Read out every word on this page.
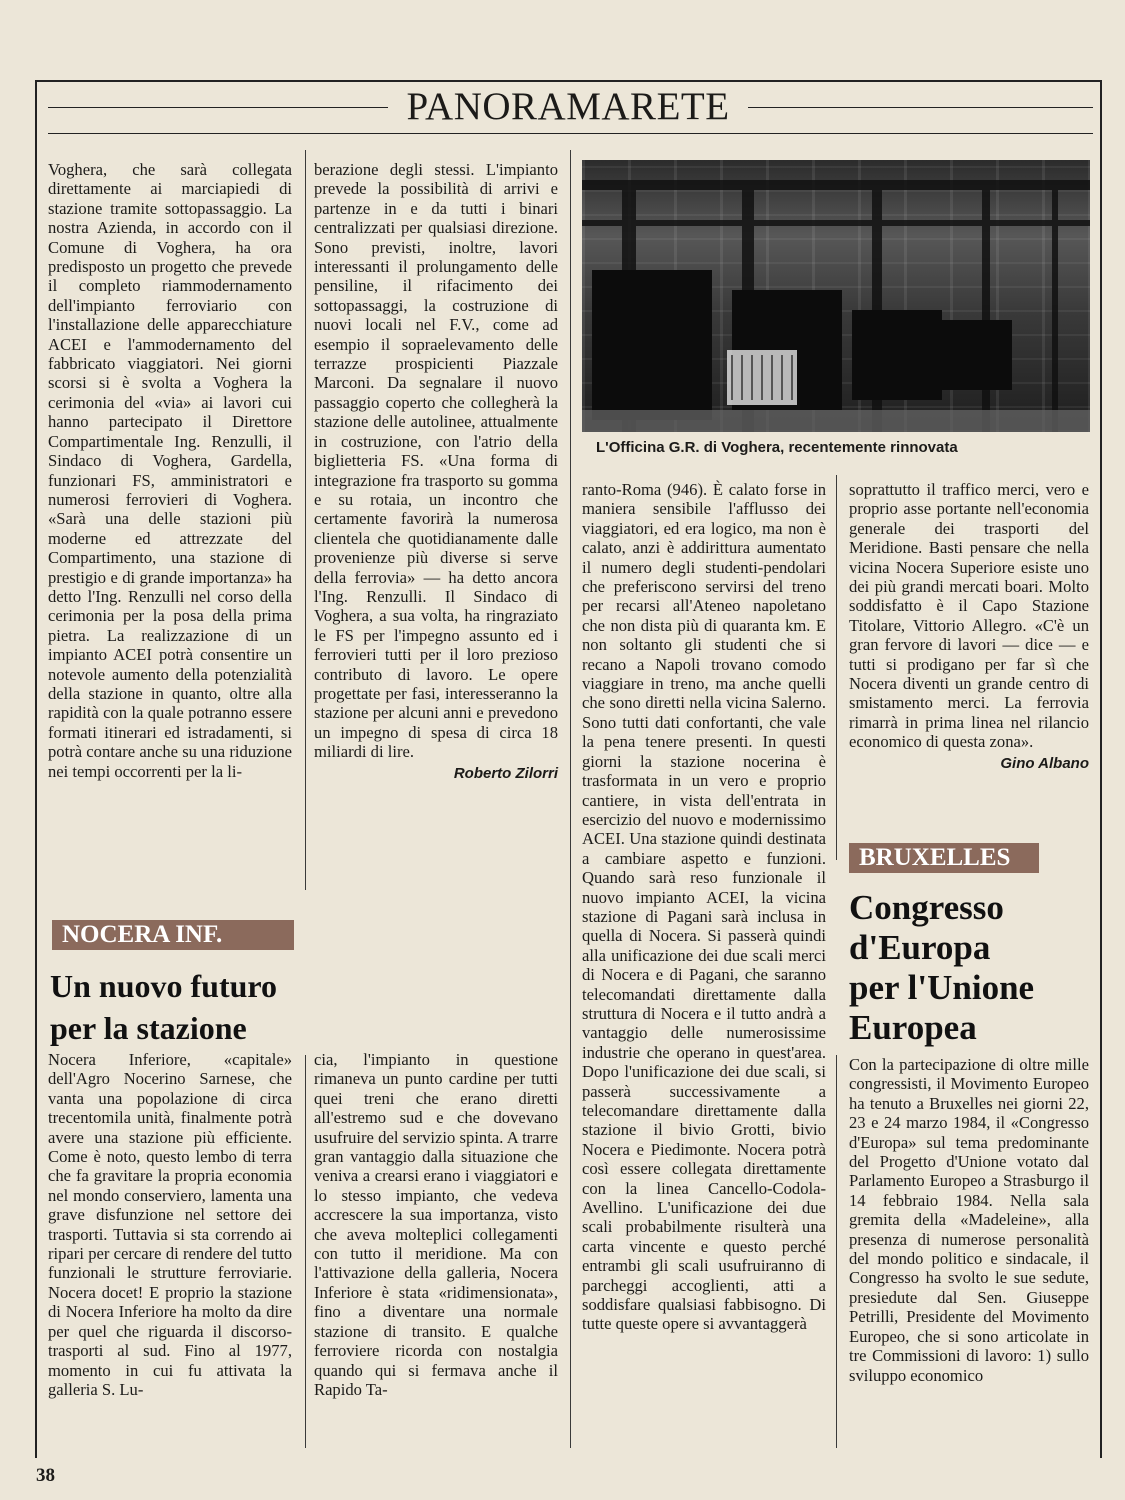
PANORAMARETE

Voghera, che sarà collegata direttamente ai marciapiedi di stazione tramite sottopassaggio. La nostra Azienda, in accordo con il Comune di Voghera, ha ora predisposto un progetto che prevede il completo riammodernamento dell'impianto ferroviario con l'installazione delle apparecchiature ACEI e l'ammodernamento del fabbricato viaggiatori. Nei giorni scorsi si è svolta a Voghera la cerimonia del «via» ai lavori cui hanno partecipato il Direttore Compartimentale Ing. Renzulli, il Sindaco di Voghera, Gardella, funzionari FS, amministratori e numerosi ferrovieri di Voghera. «Sarà una delle stazioni più moderne ed attrezzate del Compartimento, una stazione di prestigio e di grande importanza» ha detto l'Ing. Renzulli nel corso della cerimonia per la posa della prima pietra. La realizzazione di un impianto ACEI potrà consentire un notevole aumento della potenzialità della stazione in quanto, oltre alla rapidità con la quale potranno essere formati itinerari ed istradamenti, si potrà contare anche su una riduzione nei tempi occorrenti per la li-

berazione degli stessi. L'impianto prevede la possibilità di arrivi e partenze in e da tutti i binari centralizzati per qualsiasi direzione. Sono previsti, inoltre, lavori interessanti il prolungamento delle pensiline, il rifacimento dei sottopassaggi, la costruzione di nuovi locali nel F.V., come ad esempio il sopraelevamento delle terrazze prospicienti Piazzale Marconi. Da segnalare il nuovo passaggio coperto che collegherà la stazione delle autolinee, attualmente in costruzione, con l'atrio della biglietteria FS. «Una forma di integrazione fra trasporto su gomma e su rotaia, un incontro che certamente favorirà la numerosa clientela che quotidianamente dalle provenienze più diverse si serve della ferrovia» — ha detto ancora l'Ing. Renzulli. Il Sindaco di Voghera, a sua volta, ha ringraziato le FS per l'impegno assunto ed i ferrovieri tutti per il loro prezioso contributo di lavoro. Le opere progettate per fasi, interesseranno la stazione per alcuni anni e prevedono un impegno di spesa di circa 18 miliardi di lire.

Roberto Zilorri
L'Officina G.R. di Voghera, recentemente rinnovata

ranto-Roma (946). È calato forse in maniera sensibile l'afflusso dei viaggiatori, ed era logico, ma non è calato, anzi è addirittura aumentato il numero degli studenti-pendolari che preferiscono servirsi del treno per recarsi all'Ateneo napoletano che non dista più di quaranta km. E non soltanto gli studenti che si recano a Napoli trovano comodo viaggiare in treno, ma anche quelli che sono diretti nella vicina Salerno. Sono tutti dati confortanti, che vale la pena tenere presenti. In questi giorni la stazione nocerina è trasformata in un vero e proprio cantiere, in vista dell'entrata in esercizio del nuovo e modernissimo ACEI. Una stazione quindi destinata a cambiare aspetto e funzioni. Quando sarà reso funzionale il nuovo impianto ACEI, la vicina stazione di Pagani sarà inclusa in quella di Nocera. Si passerà quindi alla unificazione dei due scali merci di Nocera e di Pagani, che saranno telecomandati direttamente dalla struttura di Nocera e il tutto andrà a vantaggio delle numerosissime industrie che operano in quest'area. Dopo l'unificazione dei due scali, si passerà successivamente a telecomandare direttamente dalla stazione il bivio Grotti, bivio Nocera e Piedimonte. Nocera potrà così essere collegata direttamente con la linea Cancello-Codola-Avellino. L'unificazione dei due scali probabilmente risulterà una carta vincente e questo perché entrambi gli scali usufruiranno di parcheggi accoglienti, atti a soddisfare qualsiasi fabbisogno. Di tutte queste opere si avvantaggerà

soprattutto il traffico merci, vero e proprio asse portante nell'economia generale dei trasporti del Meridione. Basti pensare che nella vicina Nocera Superiore esiste uno dei più grandi mercati boari. Molto soddisfatto è il Capo Stazione Titolare, Vittorio Allegro. «C'è un gran fervore di lavori — dice — e tutti si prodigano per far sì che Nocera diventi un grande centro di smistamento merci. La ferrovia rimarrà in prima linea nel rilancio economico di questa zona».

Gino Albano
NOCERA INF.
Un nuovo futuro
per la stazione

Nocera Inferiore, «capitale» dell'Agro Nocerino Sarnese, che vanta una popolazione di circa trecentomila unità, finalmente potrà avere una stazione più efficiente. Come è noto, questo lembo di terra che fa gravitare la propria economia nel mondo conserviero, lamenta una grave disfunzione nel settore dei trasporti. Tuttavia si sta correndo ai ripari per cercare di rendere del tutto funzionali le strutture ferroviarie. Nocera docet! E proprio la stazione di Nocera Inferiore ha molto da dire per quel che riguarda il discorso-trasporti al sud. Fino al 1977, momento in cui fu attivata la galleria S. Lu-

cia, l'impianto in questione rimaneva un punto cardine per tutti quei treni che erano diretti all'estremo sud e che dovevano usufruire del servizio spinta. A trarre gran vantaggio dalla situazione che veniva a crearsi erano i viaggiatori e lo stesso impianto, che vedeva accrescere la sua importanza, visto che aveva molteplici collegamenti con tutto il meridione. Ma con l'attivazione della galleria, Nocera Inferiore è stata «ridimensionata», fino a diventare una normale stazione di transito. E qualche ferroviere ricorda con nostalgia quando qui si fermava anche il Rapido Ta-

BRUXELLES
Congresso
d'Europa
per l'Unione
Europea

Con la partecipazione di oltre mille congressisti, il Movimento Europeo ha tenuto a Bruxelles nei giorni 22, 23 e 24 marzo 1984, il «Congresso d'Europa» sul tema predominante del Progetto d'Unione votato dal Parlamento Europeo a Strasburgo il 14 febbraio 1984. Nella sala gremita della «Madeleine», alla presenza di numerose personalità del mondo politico e sindacale, il Congresso ha svolto le sue sedute, presiedute dal Sen. Giuseppe Petrilli, Presidente del Movimento Europeo, che si sono articolate in tre Commissioni di lavoro: 1) sullo sviluppo economico

38
